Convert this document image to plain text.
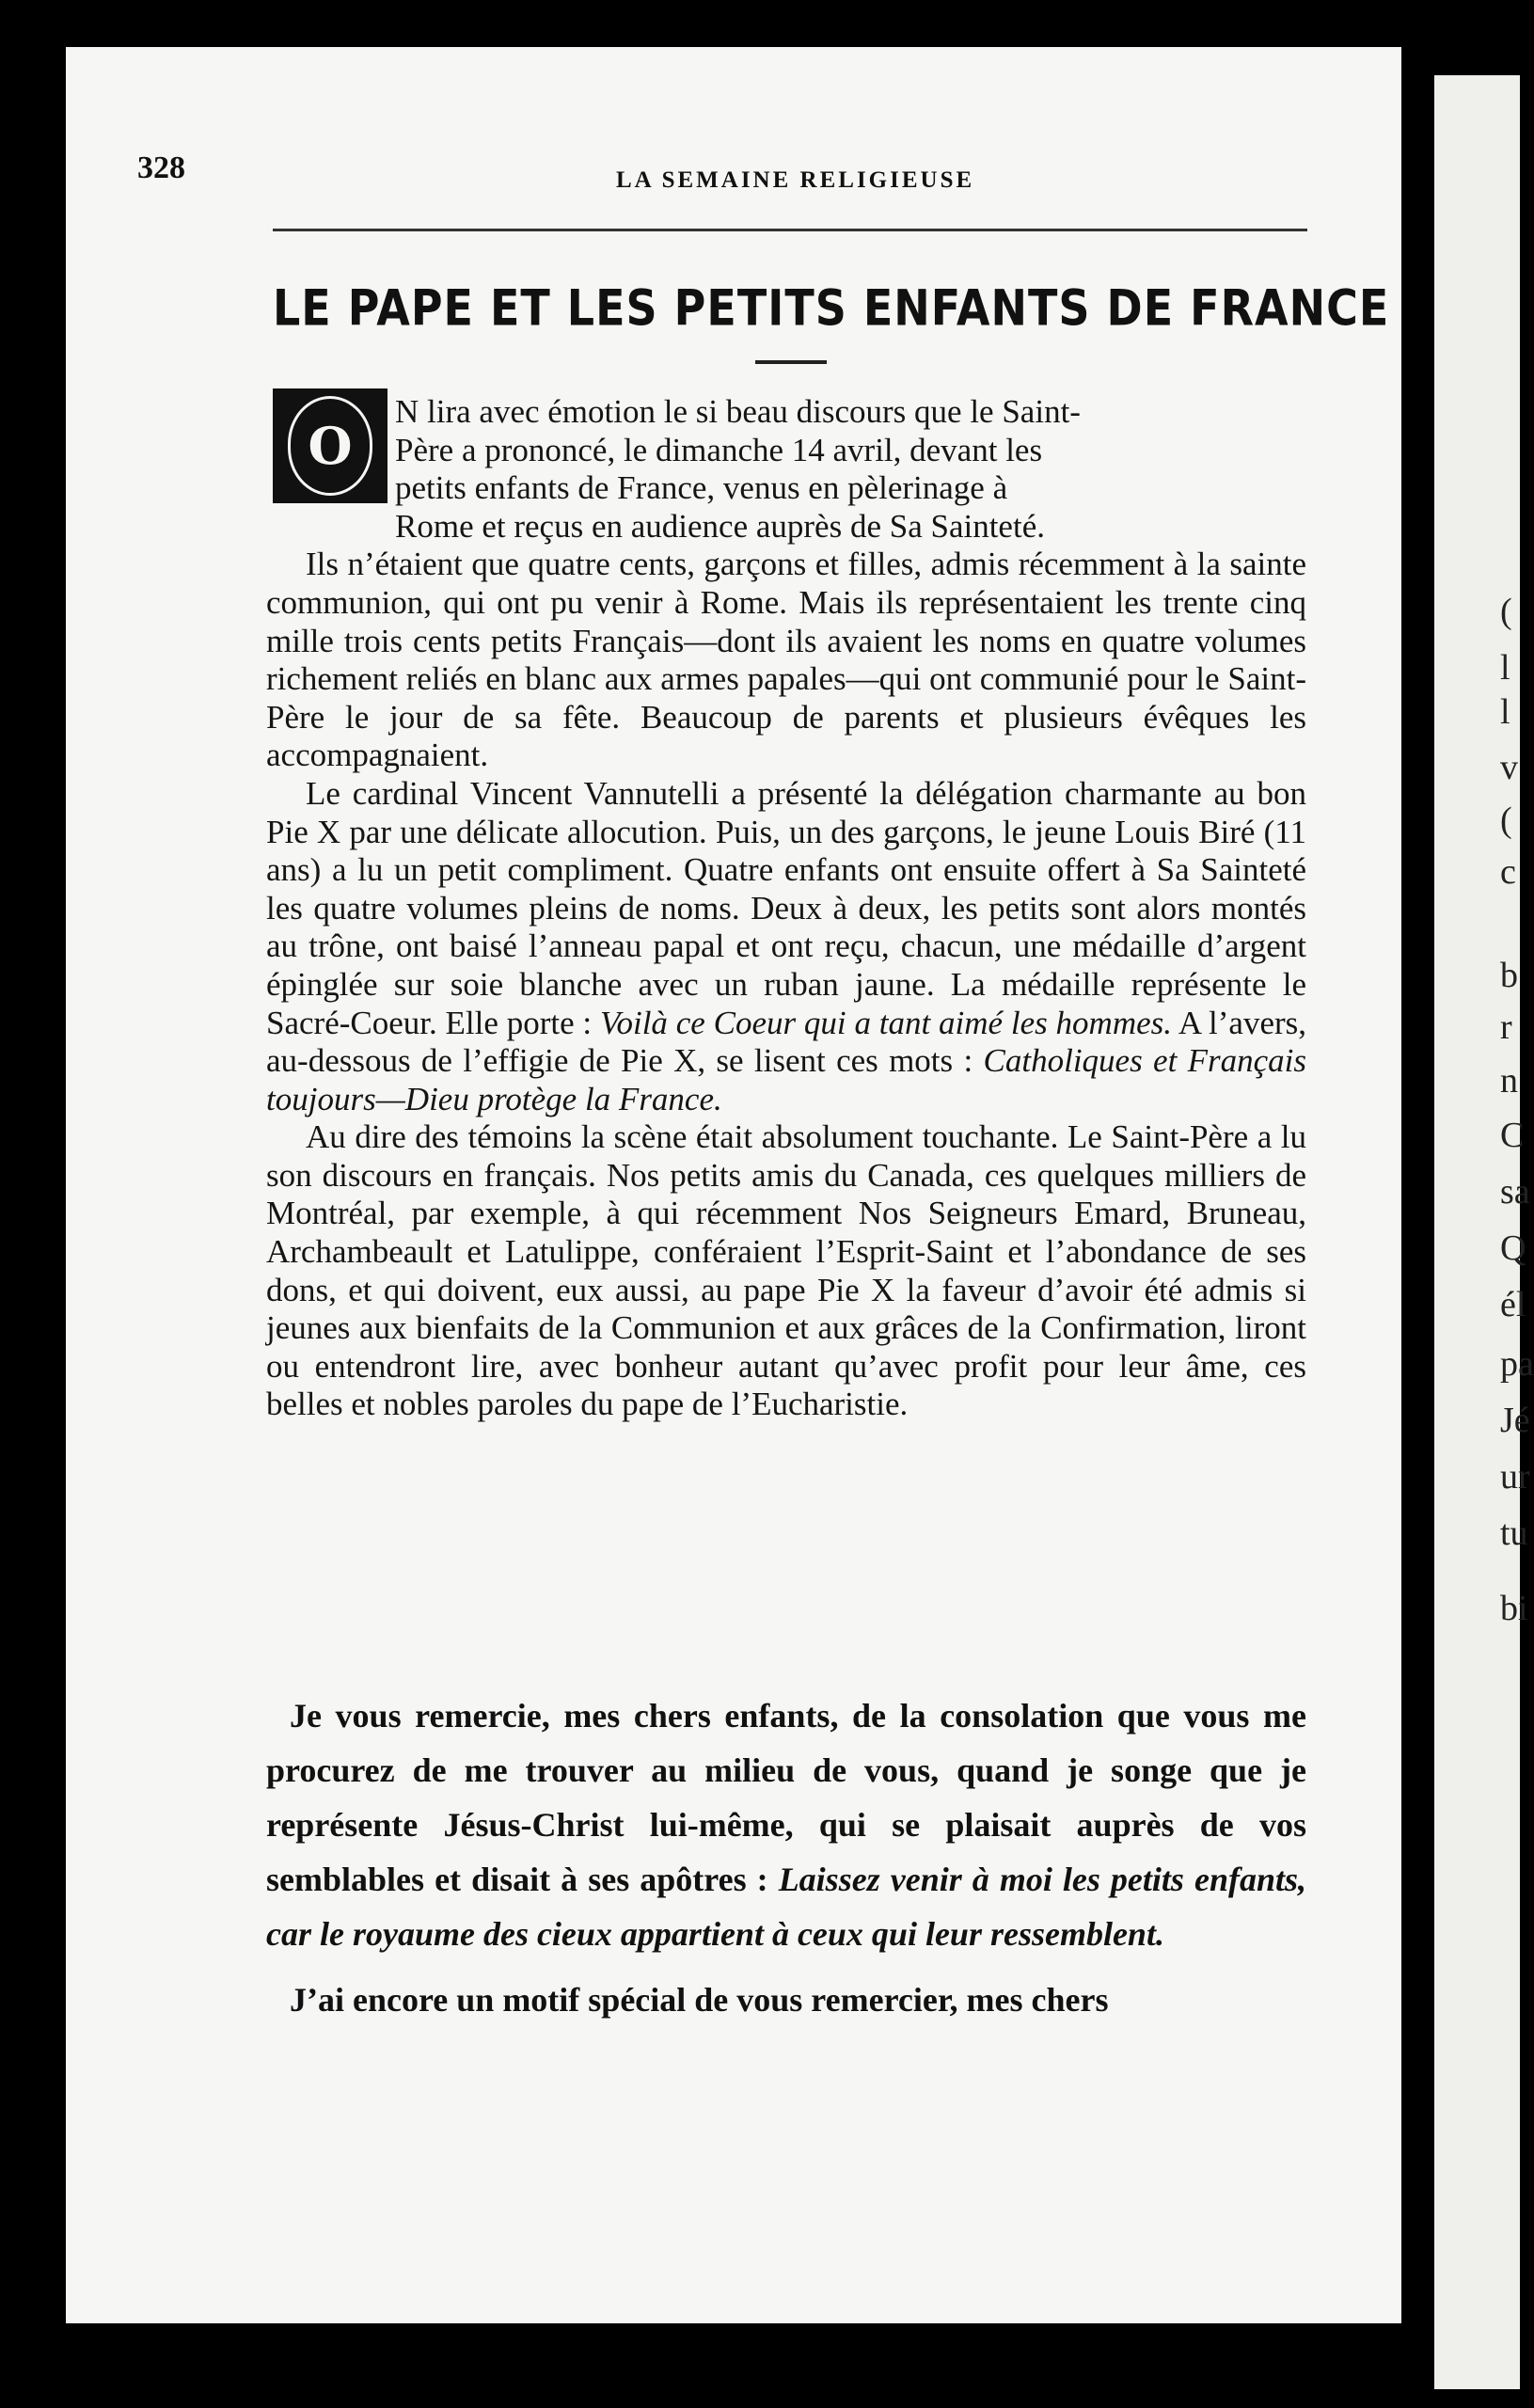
(
l
l
v
(
c
b
r
n
C
sa
Q
él
pa
Jé
ur
tu
bi
328	LA SEMAINE RELIGIEUSE
LE PAPE ET LES PETITS ENFANTS DE FRANCE
O
N lira avec émotion le si beau discours que le Saint-
Père a prononcé, le dimanche 14 avril, devant les
petits enfants de France, venus en pèlerinage à
Rome et reçus en audience auprès de Sa Sainteté.

Ils n’étaient que quatre cents, garçons et filles, admis récemment à la sainte communion, qui ont pu venir à Rome. Mais ils représentaient les trente cinq mille trois cents petits Français—dont ils avaient les noms en quatre volumes richement reliés en blanc aux armes papales—qui ont communié pour le Saint-Père le jour de sa fête. Beaucoup de parents et plusieurs évêques les accompagnaient.

Le cardinal Vincent Vannutelli a présenté la délégation charmante au bon Pie X par une délicate allocution. Puis, un des garçons, le jeune Louis Biré (11 ans) a lu un petit compliment. Quatre enfants ont ensuite offert à Sa Sainteté les quatre volumes pleins de noms. Deux à deux, les petits sont alors montés au trône, ont baisé l’anneau papal et ont reçu, chacun, une médaille d’argent épinglée sur soie blanche avec un ruban jaune. La médaille représente le Sacré-Coeur. Elle porte : Voilà ce Coeur qui a tant aimé les hommes. A l’avers, au-dessous de l’effigie de Pie X, se lisent ces mots : Catholiques et Français toujours—Dieu protège la France.

Au dire des témoins la scène était absolument touchante. Le Saint-Père a lu son discours en français. Nos petits amis du Canada, ces quelques milliers de Montréal, par exemple, à qui récemment Nos Seigneurs Emard, Bruneau, Archambeault et Latulippe, conféraient l’Esprit-Saint et l’abondance de ses dons, et qui doivent, eux aussi, au pape Pie X la faveur d’avoir été admis si jeunes aux bienfaits de la Communion et aux grâces de la Confirmation, liront ou entendront lire, avec bonheur autant qu’avec profit pour leur âme, ces belles et nobles paroles du pape de l’Eucharistie.

Je vous remercie, mes chers enfants, de la consolation que vous me procurez de me trouver au milieu de vous, quand je songe que je représente Jésus-Christ lui-même, qui se plaisait auprès de vos semblables et disait à ses apôtres : Laissez venir à moi les petits enfants, car le royaume des cieux appartient à ceux qui leur ressemblent.

J’ai encore un motif spécial de vous remercier, mes chers
